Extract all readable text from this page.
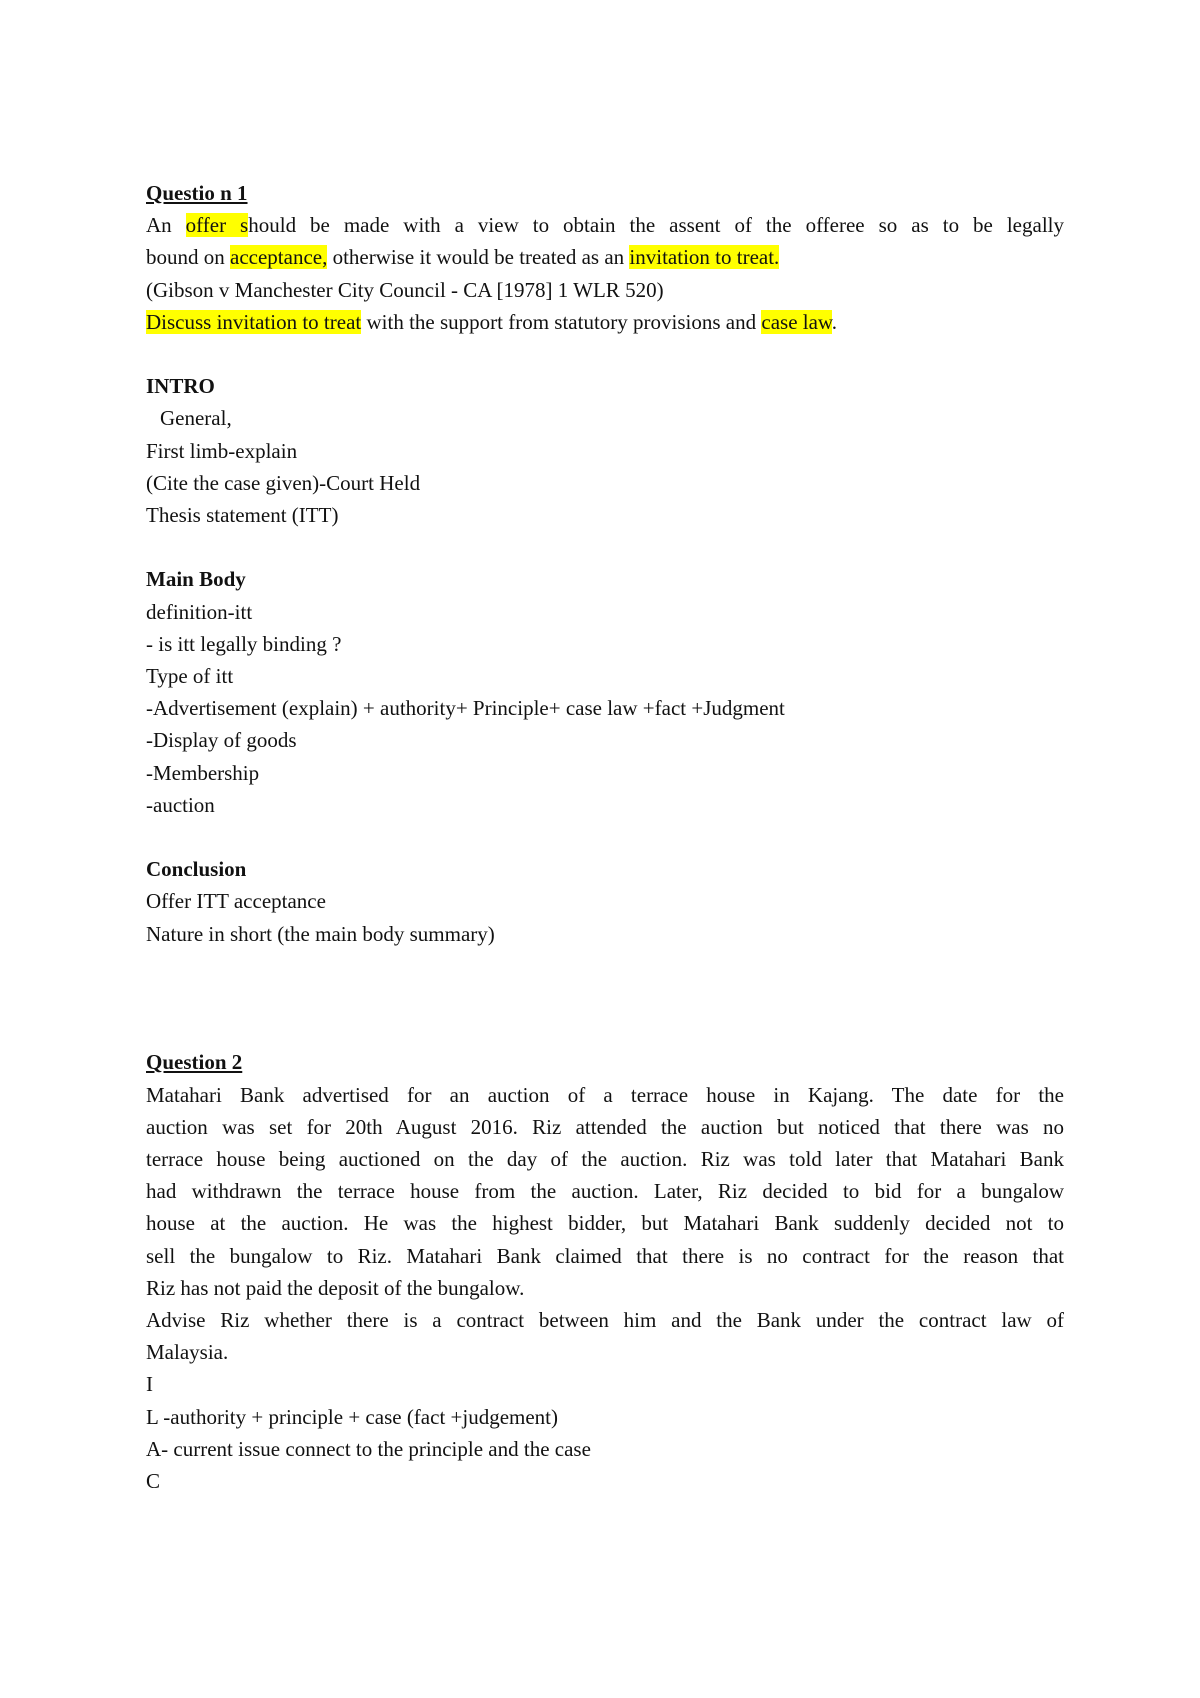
Questio n 1
An offer should be made with a view to obtain the assent of the offeree so as to be legally
bound on acceptance, otherwise it would be treated as an invitation to treat.
(Gibson v Manchester City Council - CA [1978] 1 WLR 520)
Discuss invitation to treat with the support from statutory provisions and case law.
INTRO
General,
First limb-explain
(Cite the case given)-Court Held
Thesis statement (ITT)
Main Body
definition-itt
- is itt legally binding ?
Type of itt
-Advertisement (explain) + authority+ Principle+ case law +fact +Judgment
-Display of goods
-Membership
-auction
Conclusion
Offer ITT acceptance
Nature in short (the main body summary)
Question 2
Matahari Bank advertised for an auction of a terrace house in Kajang. The date for the
auction was set for 20th August 2016. Riz attended the auction but noticed that there was no
terrace house being auctioned on the day of the auction. Riz was told later that Matahari Bank
had withdrawn the terrace house from the auction. Later, Riz decided to bid for a bungalow
house at the auction. He was the highest bidder, but Matahari Bank suddenly decided not to
sell the bungalow to Riz. Matahari Bank claimed that there is no contract for the reason that
Riz has not paid the deposit of the bungalow.
Advise Riz whether there is a contract between him and the Bank under the contract law of
Malaysia.
I
L -authority + principle + case (fact +judgement)
A- current issue connect to the principle and the case
C
